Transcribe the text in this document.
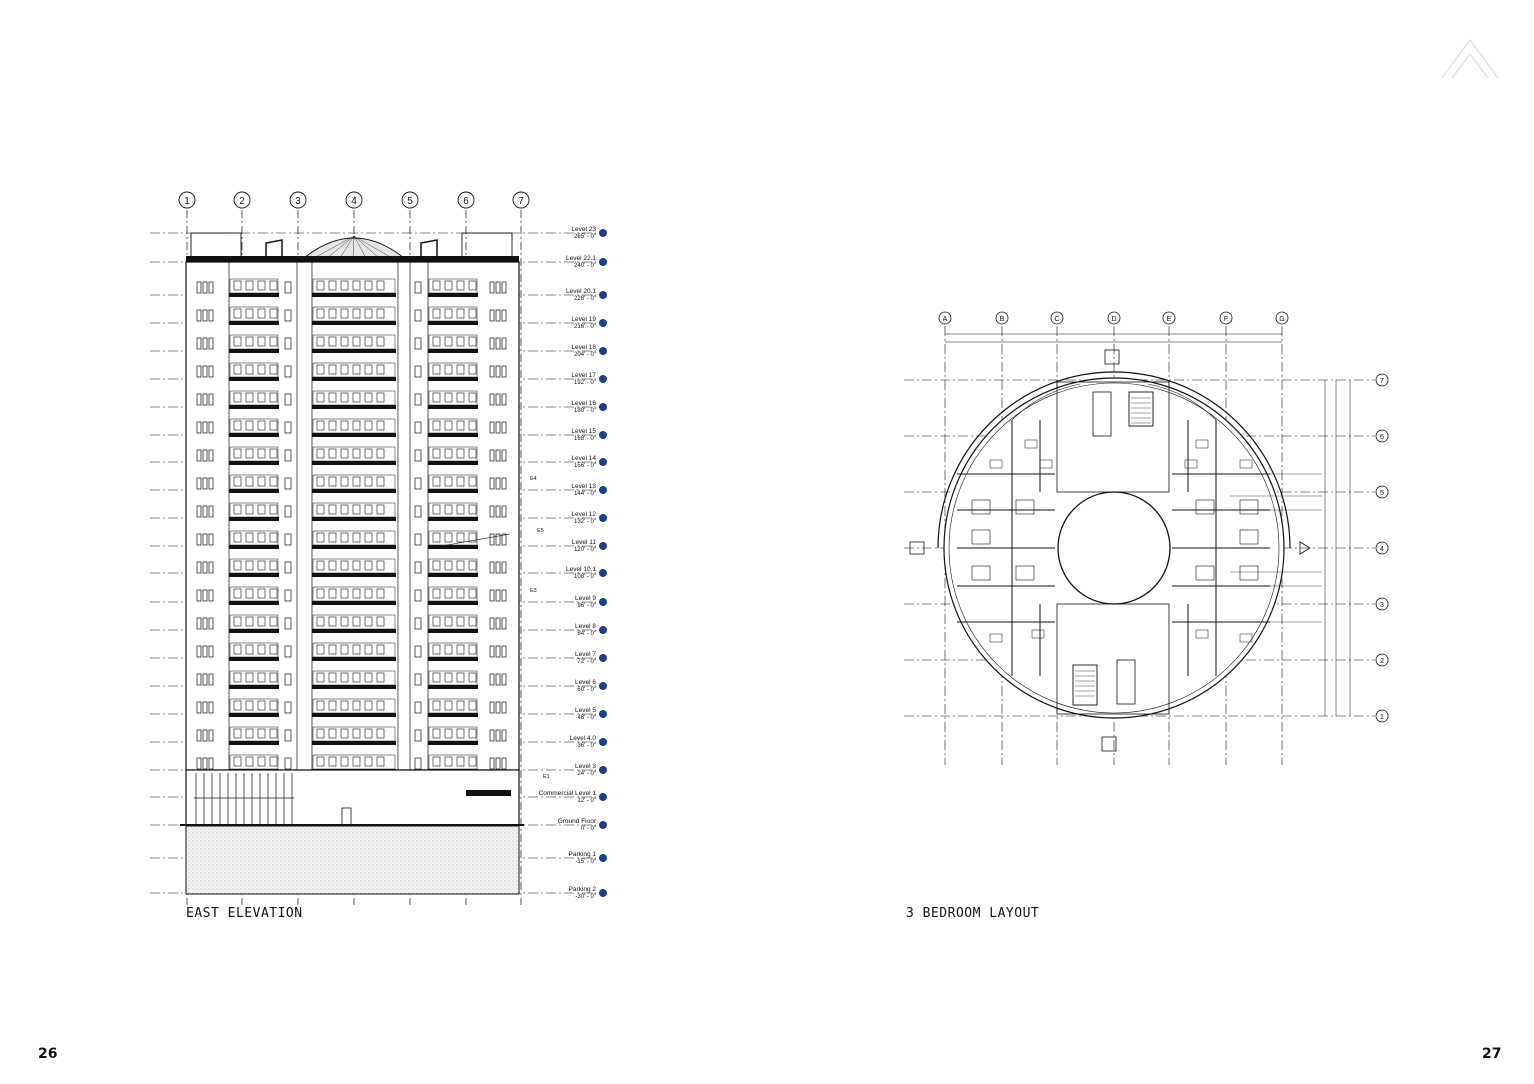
1	2	3	4	5	6	7
Level 23
265' - 0"
Level 22.1
240' - 0"
Level 20.1
228' - 0"
Level 19
216' - 0"
Level 18
204' - 0"
Level 17
192' - 0"
Level 16
180' - 0"
Level 15
168' - 0"
Level 14
156' - 0"
Level 13
144' - 0"
Level 12
132' - 0"
Level 11
120' - 0"
Level 10.1
108' - 0"
Level 9
96' - 0"
Level 8
84' - 0"
Level 7
72' - 0"
Level 6
60' - 0"
Level 5
48' - 0"
Level 4.0
36' - 0"
Level 3
24' - 0"
Commercial Level 1
12' - 0"
Ground Floor
0' - 0"
Parking 1
-15' - 0"
Parking 2
-30' - 0"
E4
E5
E3
E1
A	B	C	D	E	F	G
7
6
5
4
3
2
1
EAST ELEVATION	3 BEDROOM LAYOUT
26	27
